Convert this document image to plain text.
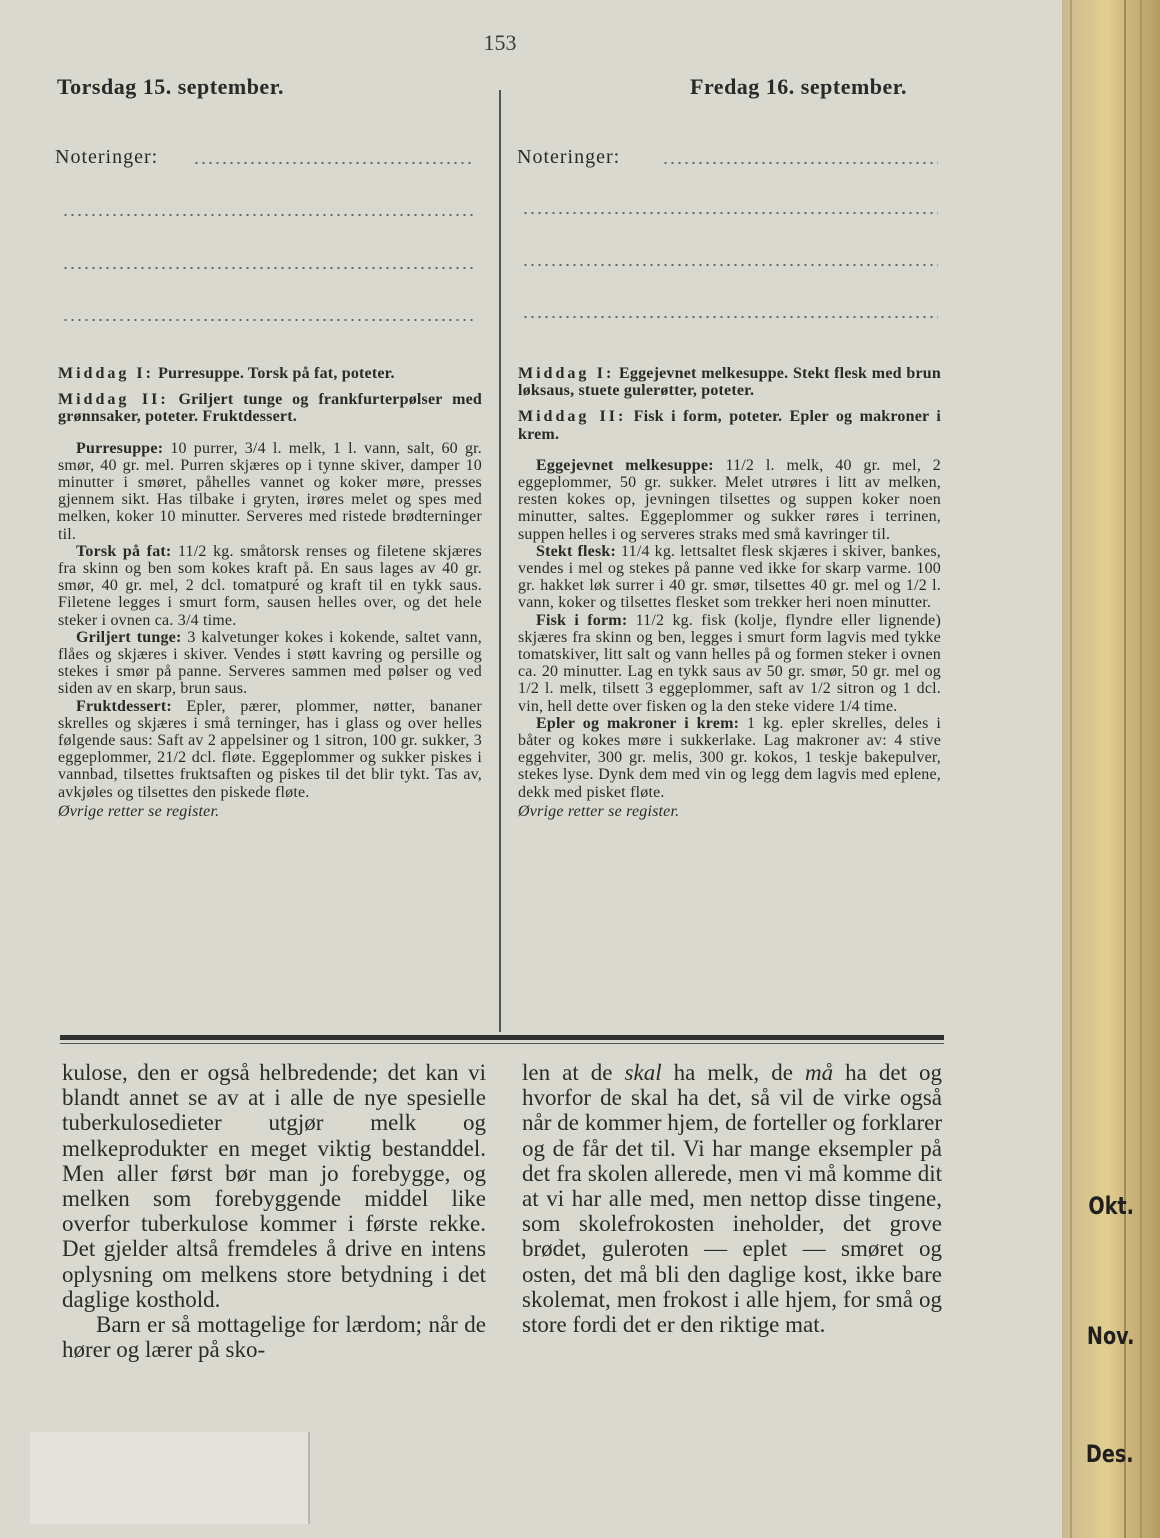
153
Torsdag 15. september.	Fredag 16. september.
Noteringer:	Noteringer:

Middag I: Purresuppe. Torsk på fat, poteter.

Middag II: Griljert tunge og frankfurterpølser med grønnsaker, poteter. Fruktdessert.

Purresuppe: 10 purrer, 3/4 l. melk, 1 l. vann, salt, 60 gr. smør, 40 gr. mel. Purren skjæres op i tynne skiver, damper 10 minutter i smøret, påhelles vannet og koker møre, presses gjennem sikt. Has tilbake i gryten, irøres melet og spes med melken, koker 10 minutter. Serveres med ristede brødterninger til.

Torsk på fat: 11/2 kg. småtorsk renses og filetene skjæres fra skinn og ben som kokes kraft på. En saus lages av 40 gr. smør, 40 gr. mel, 2 dcl. tomatpuré og kraft til en tykk saus. Filetene legges i smurt form, sausen helles over, og det hele steker i ovnen ca. 3/4 time.

Griljert tunge: 3 kalvetunger kokes i kokende, saltet vann, flåes og skjæres i skiver. Vendes i støtt kavring og persille og stekes i smør på panne. Serveres sammen med pølser og ved siden av en skarp, brun saus.

Fruktdessert: Epler, pærer, plommer, nøtter, bananer skrelles og skjæres i små terninger, has i glass og over helles følgende saus: Saft av 2 appelsiner og 1 sitron, 100 gr. sukker, 3 eggeplommer, 21/2 dcl. fløte. Eggeplommer og sukker piskes i vannbad, tilsettes fruktsaften og piskes til det blir tykt. Tas av, avkjøles og tilsettes den piskede fløte.

Øvrige retter se register.

Middag I: Eggejevnet melkesuppe. Stekt flesk med brun løksaus, stuete gulerøtter, poteter.

Middag II: Fisk i form, poteter. Epler og makroner i krem.

Eggejevnet melkesuppe: 11/2 l. melk, 40 gr. mel, 2 eggeplommer, 50 gr. sukker. Melet utrøres i litt av melken, resten kokes op, jevningen tilsettes og suppen koker noen minutter, saltes. Eggeplommer og sukker røres i terrinen, suppen helles i og serveres straks med små kavringer til.

Stekt flesk: 11/4 kg. lettsaltet flesk skjæres i skiver, bankes, vendes i mel og stekes på panne ved ikke for skarp varme. 100 gr. hakket løk surrer i 40 gr. smør, tilsettes 40 gr. mel og 1/2 l. vann, koker og tilsettes flesket som trekker heri noen minutter.

Fisk i form: 11/2 kg. fisk (kolje, flyndre eller lignende) skjæres fra skinn og ben, legges i smurt form lagvis med tykke tomatskiver, litt salt og vann helles på og formen steker i ovnen ca. 20 minutter. Lag en tykk saus av 50 gr. smør, 50 gr. mel og 1/2 l. melk, tilsett 3 eggeplommer, saft av 1/2 sitron og 1 dcl. vin, hell dette over fisken og la den steke videre 1/4 time.

Epler og makroner i krem: 1 kg. epler skrelles, deles i båter og kokes møre i sukkerlake. Lag makroner av: 4 stive eggehviter, 300 gr. melis, 300 gr. kokos, 1 teskje bakepulver, stekes lyse. Dynk dem med vin og legg dem lagvis med eplene, dekk med pisket fløte.

Øvrige retter se register.

kulose, den er også helbredende; det kan vi blandt annet se av at i alle de nye spesielle tuberkulosedieter utgjør melk og melkeprodukter en meget viktig bestanddel. Men aller først bør man jo forebygge, og melken som forebyggende middel like overfor tuberkulose kommer i første rekke. Det gjelder altså fremdeles å drive en intens oplysning om melkens store betydning i det daglige kosthold.

Barn er så mottagelige for lærdom; når de hører og lærer på sko-

len at de skal ha melk, de må ha det og hvorfor de skal ha det, så vil de virke også når de kommer hjem, de forteller og forklarer og de får det til. Vi har mange eksempler på det fra skolen allerede, men vi må komme dit at vi har alle med, men nettop disse tingene, som skolefrokosten ineholder, det grove brødet, guleroten — eplet — smøret og osten, det må bli den daglige kost, ikke bare skolemat, men frokost i alle hjem, for små og store fordi det er den riktige mat.

Okt.
Nov.
Des.
